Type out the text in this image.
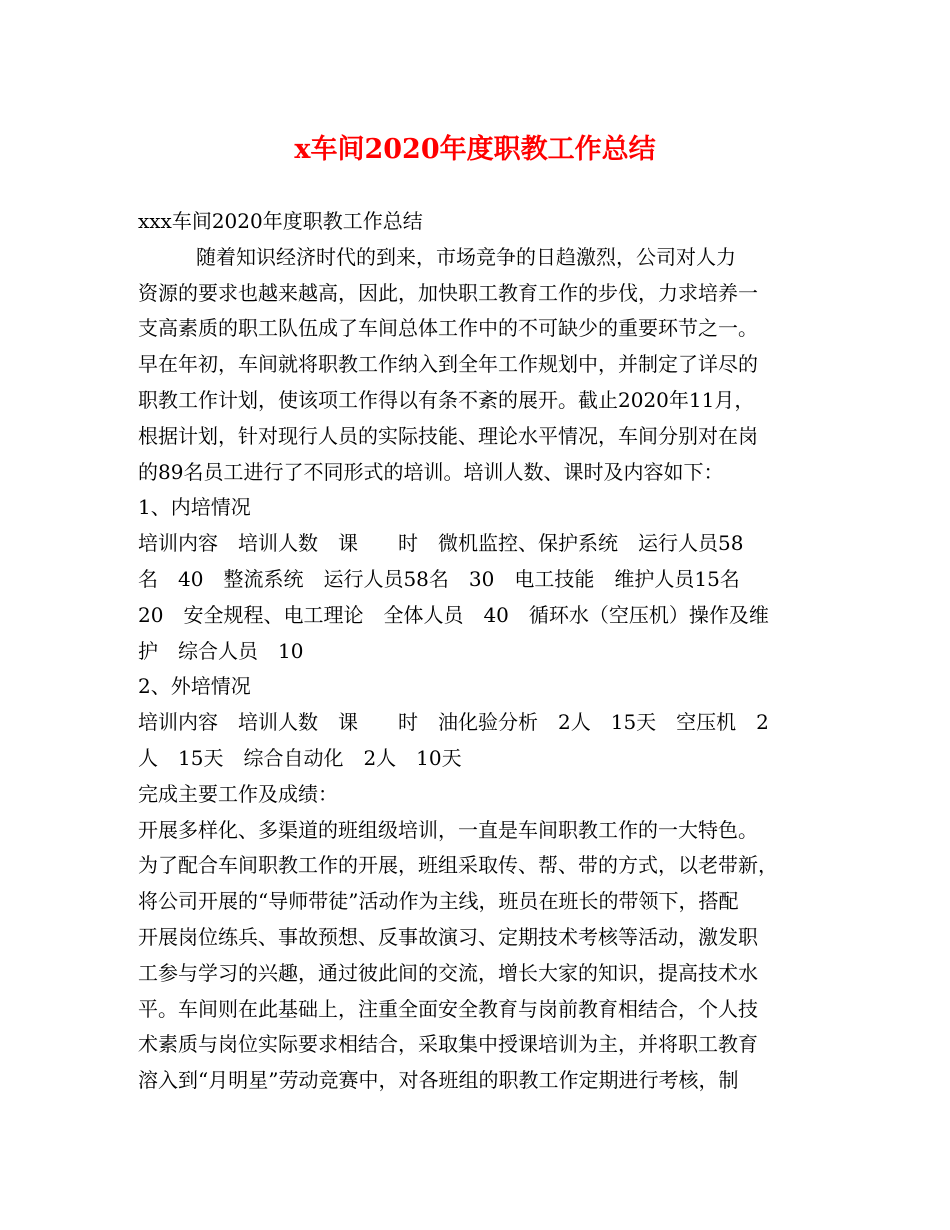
x车间2020年度职教工作总结
xxx车间2020年度职教工作总结
随着知识经济时代的到来，市场竞争的日趋激烈，公司对人力
资源的要求也越来越高，因此，加快职工教育工作的步伐，力求培养一
支高素质的职工队伍成了车间总体工作中的不可缺少的重要环节之一。
早在年初，车间就将职教工作纳入到全年工作规划中，并制定了详尽的
职教工作计划，使该项工作得以有条不紊的展开。截止2020年11月，
根据计划，针对现行人员的实际技能、理论水平情况，车间分别对在岗
的89名员工进行了不同形式的培训。培训人数、课时及内容如下：
1、内培情况
培训内容　培训人数　课　　时　微机监控、保护系统　运行人员58
名　40　整流系统　运行人员58名　30　电工技能　维护人员15名
20　安全规程、电工理论　全体人员　40　循环水（空压机）操作及维
护　综合人员　10
2、外培情况
培训内容　培训人数　课　　时　油化验分析　2人　15天　空压机　2
人　15天　综合自动化　2人　10天
完成主要工作及成绩：
开展多样化、多渠道的班组级培训，一直是车间职教工作的一大特色。
为了配合车间职教工作的开展，班组采取传、帮、带的方式，以老带新，
将公司开展的“导师带徒”活动作为主线，班员在班长的带领下，搭配
开展岗位练兵、事故预想、反事故演习、定期技术考核等活动，激发职
工参与学习的兴趣，通过彼此间的交流，增长大家的知识，提高技术水
平。车间则在此基础上，注重全面安全教育与岗前教育相结合，个人技
术素质与岗位实际要求相结合，采取集中授课培训为主，并将职工教育
溶入到“月明星”劳动竞赛中，对各班组的职教工作定期进行考核，制
